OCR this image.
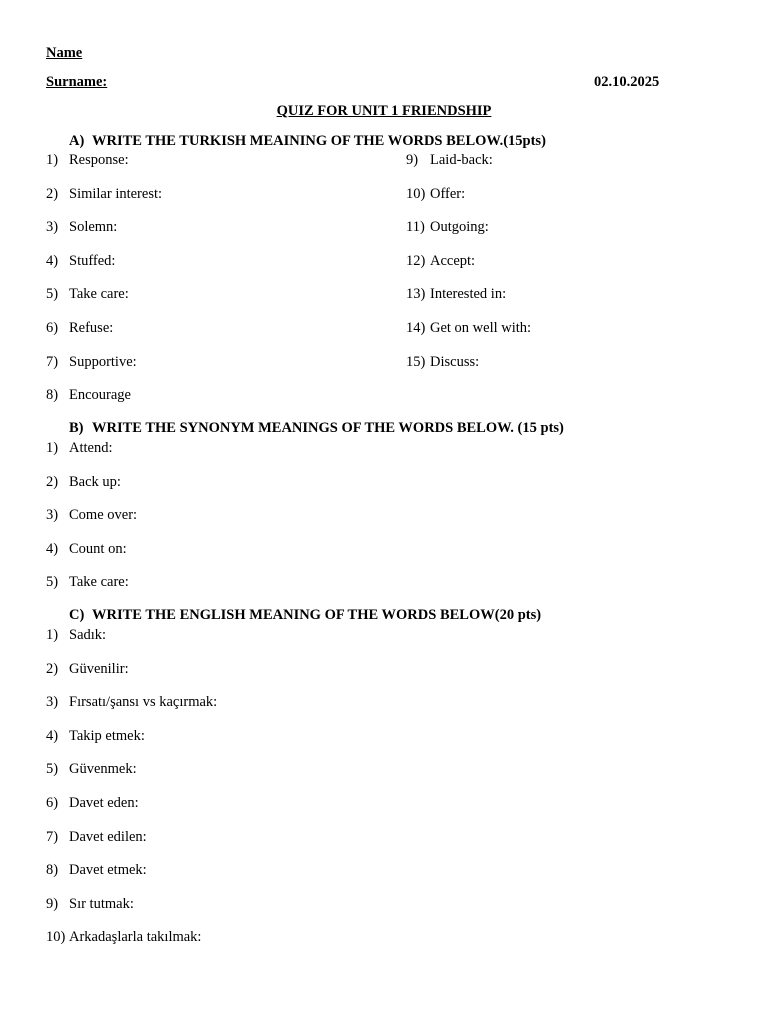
Name
Surname:	02.10.2025
QUIZ FOR UNIT 1 FRIENDSHIP
A) WRITE THE TURKISH MEAINING OF THE WORDS BELOW.(15pts)
1) Response:
2) Similar interest:
3) Solemn:
4) Stuffed:
5) Take care:
6) Refuse:
7) Supportive:
8) Encourage
9) Laid-back:
10) Offer:
11) Outgoing:
12) Accept:
13) Interested in:
14) Get on well with:
15) Discuss:
B) WRITE THE SYNONYM MEANINGS OF THE WORDS BELOW. (15 pts)
1) Attend:
2) Back up:
3) Come over:
4) Count on:
5) Take care:
C) WRITE THE ENGLISH MEANING OF THE WORDS BELOW(20 pts)
1) Sadık:
2) Güvenilir:
3) Fırsatı/şansı vs kaçırmak:
4) Takip etmek:
5) Güvenmek:
6) Davet eden:
7) Davet edilen:
8) Davet etmek:
9) Sır tutmak:
10) Arkadaşlarla takılmak:
